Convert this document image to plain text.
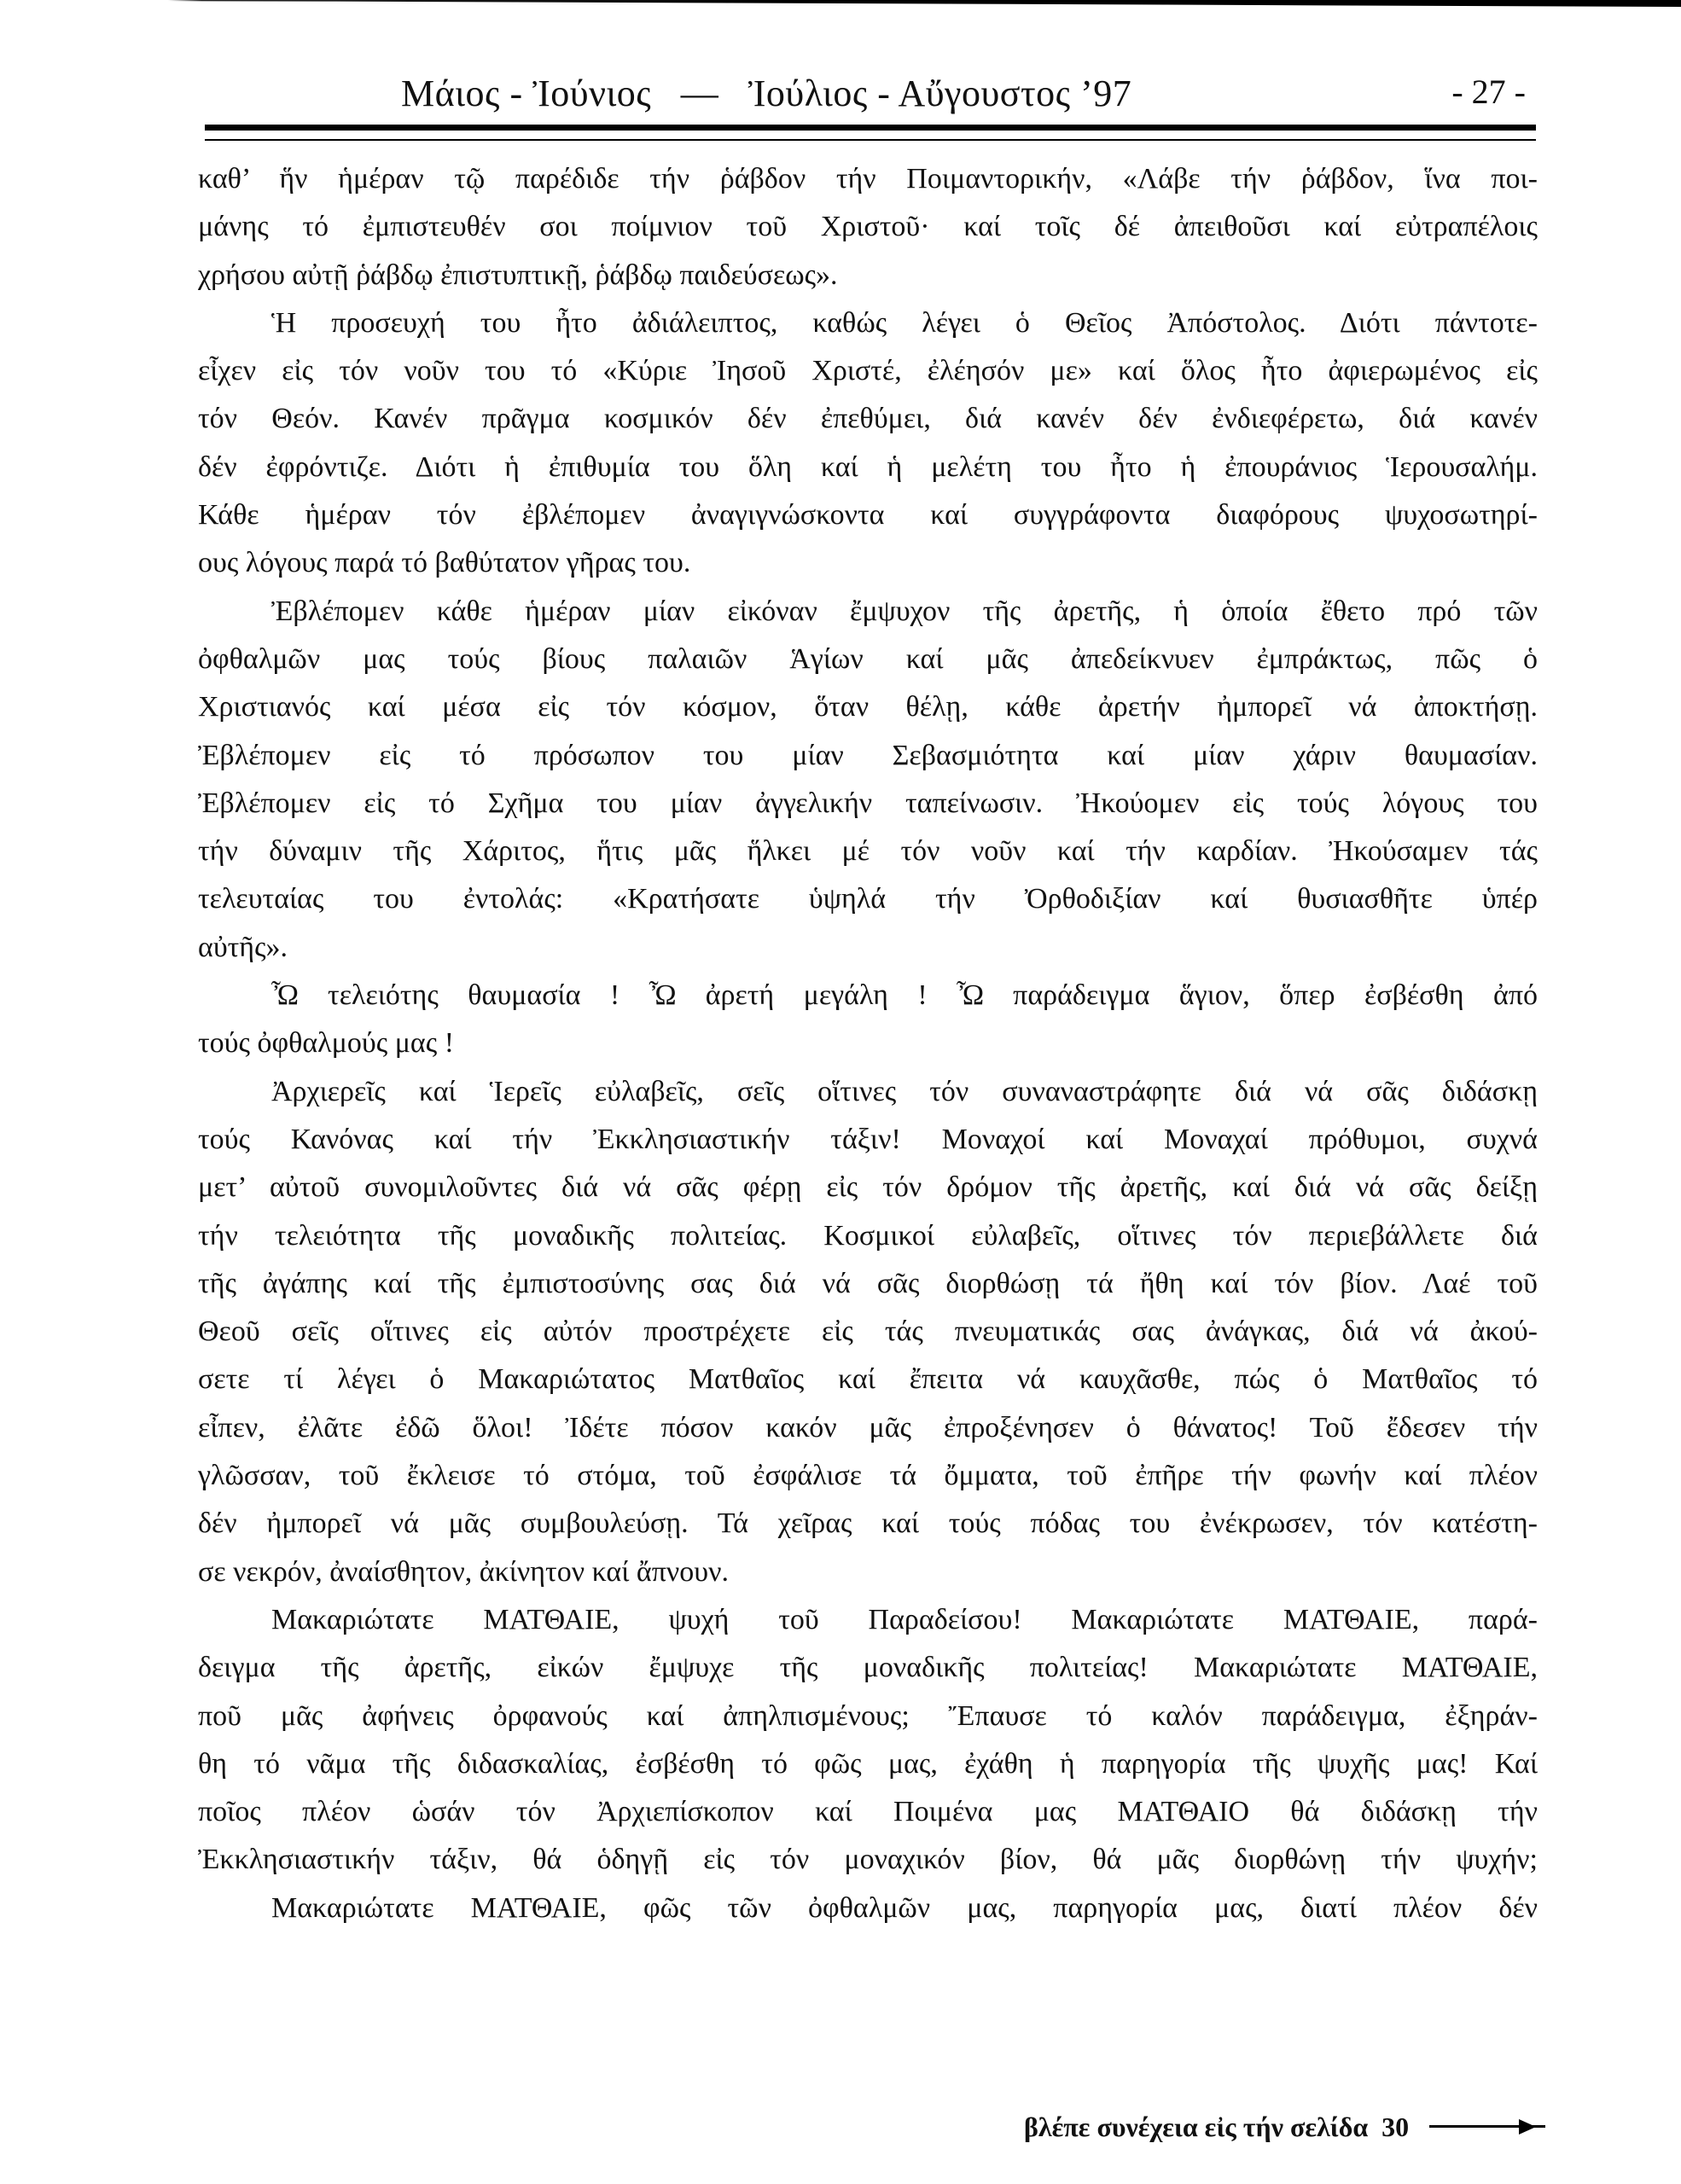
Μάιος - Ἰούνιος   —   Ἰούλιος - Αὔγουστος ’97	- 27 -
καθ’ ἥν ἡμέραν τῷ παρέδιδε τήν ῥάβδον τήν Ποιμαντορικήν, «Λάβε τήν ῥάβδον, ἵνα ποι-
μάνης τό ἐμπιστευθέν σοι ποίμνιον τοῦ Χριστοῦ· καί τοῖς δέ ἀπειθοῦσι καί εὐτραπέλοις
χρήσου αὐτῇ ῥάβδῳ ἐπιστυπτικῇ, ῥάβδῳ παιδεύσεως».
Ἡ προσευχή του ἦτο ἀδιάλειπτος, καθώς λέγει ὁ Θεῖος Ἀπόστολος. Διότι πάντοτε-
εἶχεν εἰς τόν νοῦν του τό «Κύριε Ἰησοῦ Χριστέ, ἐλέησόν με» καί ὅλος ἦτο ἀφιερωμένος εἰς
τόν Θεόν. Κανέν πρᾶγμα κοσμικόν δέν ἐπεθύμει, διά κανέν δέν ἐνδιεφέρετω, διά κανέν
δέν ἐφρόντιζε. Διότι ἡ ἐπιθυμία του ὅλη καί ἡ μελέτη του ἦτο ἡ ἐπουράνιος Ἱερουσαλήμ.
Κάθε ἡμέραν τόν ἐβλέπομεν ἀναγιγνώσκοντα καί συγγράφοντα διαφόρους ψυχοσωτηρί-
ους λόγους παρά τό βαθύτατον γῆρας του.
Ἐβλέπομεν κάθε ἡμέραν μίαν εἰκόναν ἔμψυχον τῆς ἀρετῆς, ἡ ὁποία ἔθετο πρό τῶν
ὀφθαλμῶν μας τούς βίους παλαιῶν Ἁγίων καί μᾶς ἀπεδείκνυεν ἐμπράκτως, πῶς ὁ
Χριστιανός καί μέσα εἰς τόν κόσμον, ὅταν θέλῃ, κάθε ἀρετήν ἠμπορεῖ νά ἀποκτήσῃ.
Ἐβλέπομεν εἰς τό πρόσωπον του μίαν Σεβασμιότητα καί μίαν χάριν θαυμασίαν.
Ἐβλέπομεν εἰς τό Σχῆμα του μίαν ἀγγελικήν ταπείνωσιν. Ἠκούομεν εἰς τούς λόγους του
τήν δύναμιν τῆς Χάριτος, ἥτις μᾶς ἥλκει μέ τόν νοῦν καί τήν καρδίαν. Ἠκούσαμεν τάς
τελευταίας του ἐντολάς: «Κρατήσατε ὑψηλά τήν Ὀρθοδιξίαν καί θυσιασθῆτε ὑπέρ
αὐτῆς».
Ὦ τελειότης θαυμασία ! Ὦ ἀρετή μεγάλη ! Ὦ παράδειγμα ἅγιον, ὅπερ ἐσβέσθη ἀπό
τούς ὀφθαλμούς μας !
Ἀρχιερεῖς καί Ἱερεῖς εὐλαβεῖς, σεῖς οἵτινες τόν συναναστράφητε διά νά σᾶς διδάσκῃ
τούς Κανόνας καί τήν Ἐκκλησιαστικήν τάξιν! Μοναχοί καί Μοναχαί πρόθυμοι, συχνά
μετ’ αὐτοῦ συνομιλοῦντες διά νά σᾶς φέρῃ εἰς τόν δρόμον τῆς ἀρετῆς, καί διά νά σᾶς δείξῃ
τήν τελειότητα τῆς μοναδικῆς πολιτείας. Κοσμικοί εὐλαβεῖς, οἵτινες τόν περιεβάλλετε διά
τῆς ἀγάπης καί τῆς ἐμπιστοσύνης σας διά νά σᾶς διορθώσῃ τά ἤθη καί τόν βίον. Λαέ τοῦ
Θεοῦ σεῖς οἵτινες εἰς αὐτόν προστρέχετε εἰς τάς πνευματικάς σας ἀνάγκας, διά νά ἀκού-
σετε τί λέγει ὁ Μακαριώτατος Ματθαῖος καί ἔπειτα νά καυχᾶσθε, πώς ὁ Ματθαῖος τό
εἶπεν, ἐλᾶτε ἐδῶ ὅλοι! Ἰδέτε πόσον κακόν μᾶς ἐπροξένησεν ὁ θάνατος! Τοῦ ἔδεσεν τήν
γλῶσσαν, τοῦ ἔκλεισε τό στόμα, τοῦ ἐσφάλισε τά ὄμματα, τοῦ ἐπῆρε τήν φωνήν καί πλέον
δέν ἠμπορεῖ νά μᾶς συμβουλεύσῃ. Τά χεῖρας καί τούς πόδας του ἐνέκρωσεν, τόν κατέστη-
σε νεκρόν, ἀναίσθητον, ἀκίνητον καί ἄπνουν.
Μακαριώτατε ΜΑΤΘΑΙΕ, ψυχή τοῦ Παραδείσου! Μακαριώτατε ΜΑΤΘΑΙΕ, παρά-
δειγμα τῆς ἀρετῆς, εἰκών ἔμψυχε τῆς μοναδικῆς πολιτείας! Μακαριώτατε ΜΑΤΘΑΙΕ,
ποῦ μᾶς ἀφήνεις ὀρφανούς καί ἀπηλπισμένους; Ἔπαυσε τό καλόν παράδειγμα, ἐξηράν-
θη τό νᾶμα τῆς διδασκαλίας, ἐσβέσθη τό φῶς μας, ἐχάθη ἡ παρηγορία τῆς ψυχῆς μας! Καί
ποῖος πλέον ὡσάν τόν Ἀρχιεπίσκοπον καί Ποιμένα μας ΜΑΤΘΑΙΟ θά διδάσκῃ τήν
Ἐκκλησιαστικήν τάξιν, θά ὁδηγῇ εἰς τόν μοναχικόν βίον, θά μᾶς διορθώνῃ τήν ψυχήν;
Μακαριώτατε ΜΑΤΘΑΙΕ, φῶς τῶν ὀφθαλμῶν μας, παρηγορία μας, διατί πλέον δέν
βλέπε συνέχεια εἰς τήν σελίδα  30
